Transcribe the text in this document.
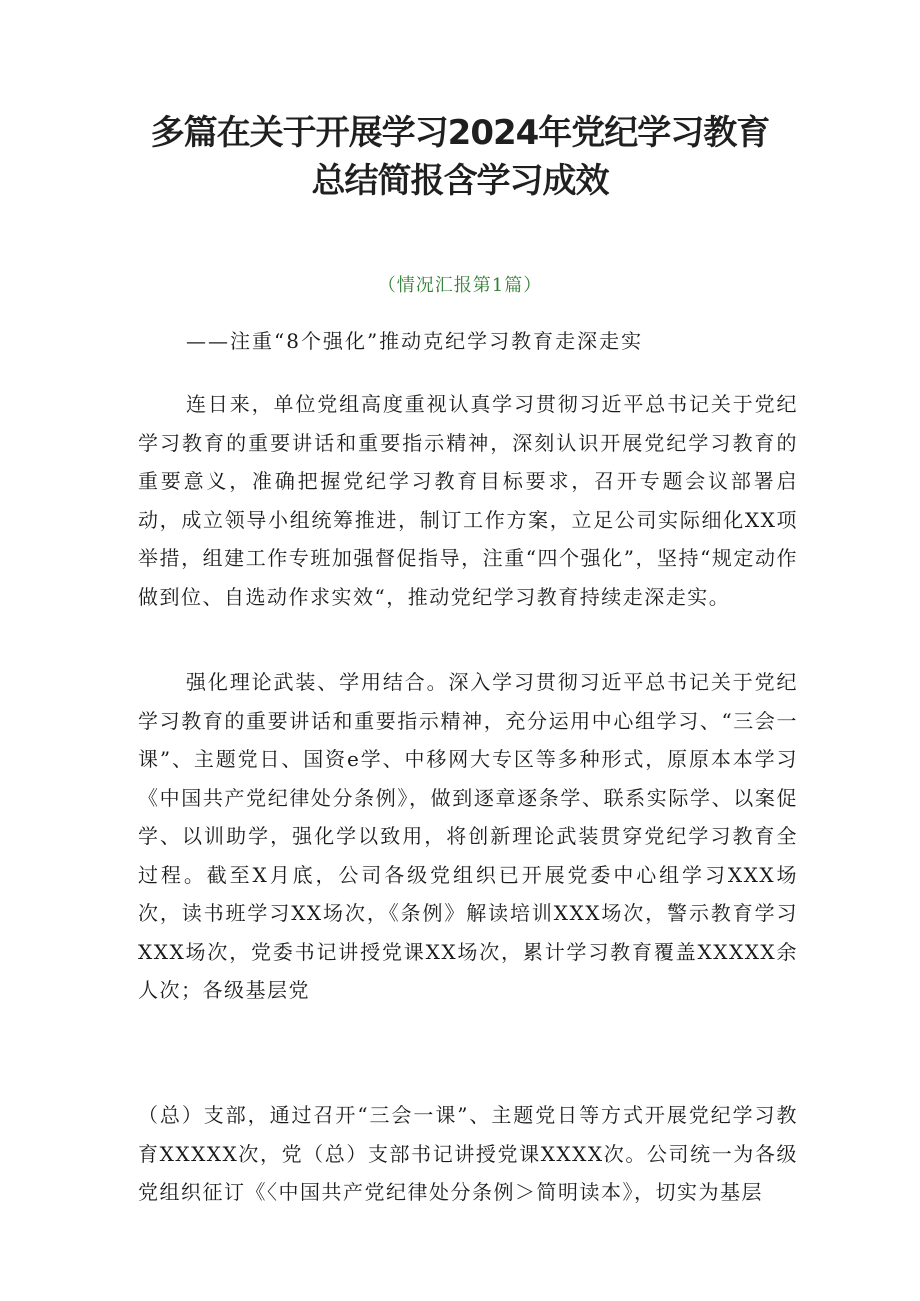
多篇在关于开展学习2024年党纪学习教育
总结简报含学习成效
（情况汇报第1篇）
——注重“8个强化”推动克纪学习教育走深走实

连日来，单位党组高度重视认真学习贯彻习近平总书记关于党纪学习教育的重要讲话和重要指示精神，深刻认识开展党纪学习教育的重要意义，准确把握党纪学习教育目标要求，召开专题会议部署启动，成立领导小组统筹推进，制订工作方案，立足公司实际细化XX项举措，组建工作专班加强督促指导，注重“四个强化”，坚持“规定动作做到位、自选动作求实效“，推动党纪学习教育持续走深走实。

强化理论武装、学用结合。深入学习贯彻习近平总书记关于党纪学习教育的重要讲话和重要指示精神，充分运用中心组学习、“三会一课”、主题党日、国资e学、中移网大专区等多种形式，原原本本学习《中国共产党纪律处分条例》，做到逐章逐条学、联系实际学、以案促学、以训助学，强化学以致用，将创新理论武装贯穿党纪学习教育全过程。截至X月底，公司各级党组织已开展党委中心组学习XXX场次，读书班学习XX场次，《条例》解读培训XXX场次，警示教育学习XXX场次，党委书记讲授党课XX场次，累计学习教育覆盖XXXXX余人次；各级基层党

（总）支部，通过召开“三会一课”、主题党日等方式开展党纪学习教育XXXXX次，党（总）支部书记讲授党课XXXX次。公司统一为各级党组织征订《〈中国共产党纪律处分条例＞简明读本》，切实为基层
